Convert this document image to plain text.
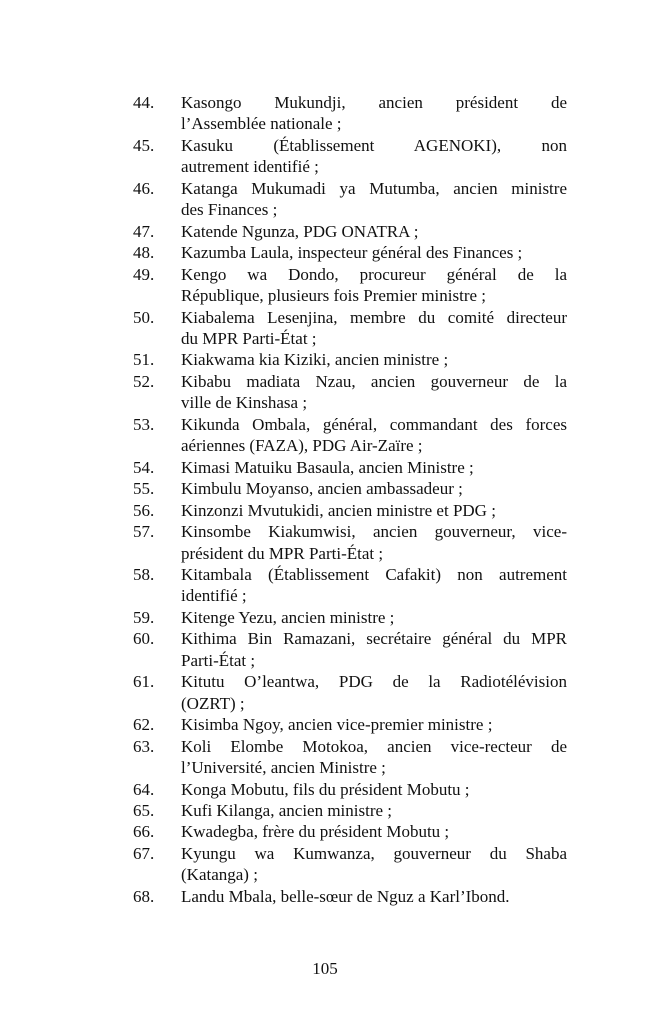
44.	Kasongo Mukundji, ancien président de
l’Assemblée nationale ;
45.	Kasuku (Établissement AGENOKI), non
autrement identifié ;
46.	Katanga Mukumadi ya Mutumba, ancien ministre
des Finances ;
47.	Katende Ngunza, PDG ONATRA ;
48.	Kazumba Laula, inspecteur général des Finances ;
49.	Kengo wa Dondo, procureur général de la
République, plusieurs fois Premier ministre ;
50.	Kiabalema Lesenjina, membre du comité directeur
du MPR Parti-État ;
51.	Kiakwama kia Kiziki, ancien ministre ;
52.	Kibabu madiata Nzau, ancien gouverneur de la
ville de Kinshasa ;
53.	Kikunda Ombala, général, commandant des forces
aériennes (FAZA), PDG Air-Zaïre ;
54.	Kimasi Matuiku Basaula, ancien Ministre ;
55.	Kimbulu Moyanso, ancien ambassadeur ;
56.	Kinzonzi Mvutukidi, ancien ministre et PDG ;
57.	Kinsombe Kiakumwisi, ancien gouverneur, vice-
président du MPR Parti-État ;
58.	Kitambala (Établissement Cafakit) non autrement
identifié ;
59.	Kitenge Yezu, ancien ministre ;
60.	Kithima Bin Ramazani, secrétaire général du MPR
Parti-État ;
61.	Kitutu O’leantwa, PDG de la Radiotélévision
(OZRT) ;
62.	Kisimba Ngoy, ancien vice-premier ministre ;
63.	Koli Elombe Motokoa, ancien vice-recteur de
l’Université, ancien Ministre ;
64.	Konga Mobutu, fils du président Mobutu ;
65.	Kufi Kilanga, ancien ministre ;
66.	Kwadegba, frère du président Mobutu ;
67.	Kyungu wa Kumwanza, gouverneur du Shaba
(Katanga) ;
68.	Landu Mbala, belle-sœur de Nguz a Karl’Ibond.
105
